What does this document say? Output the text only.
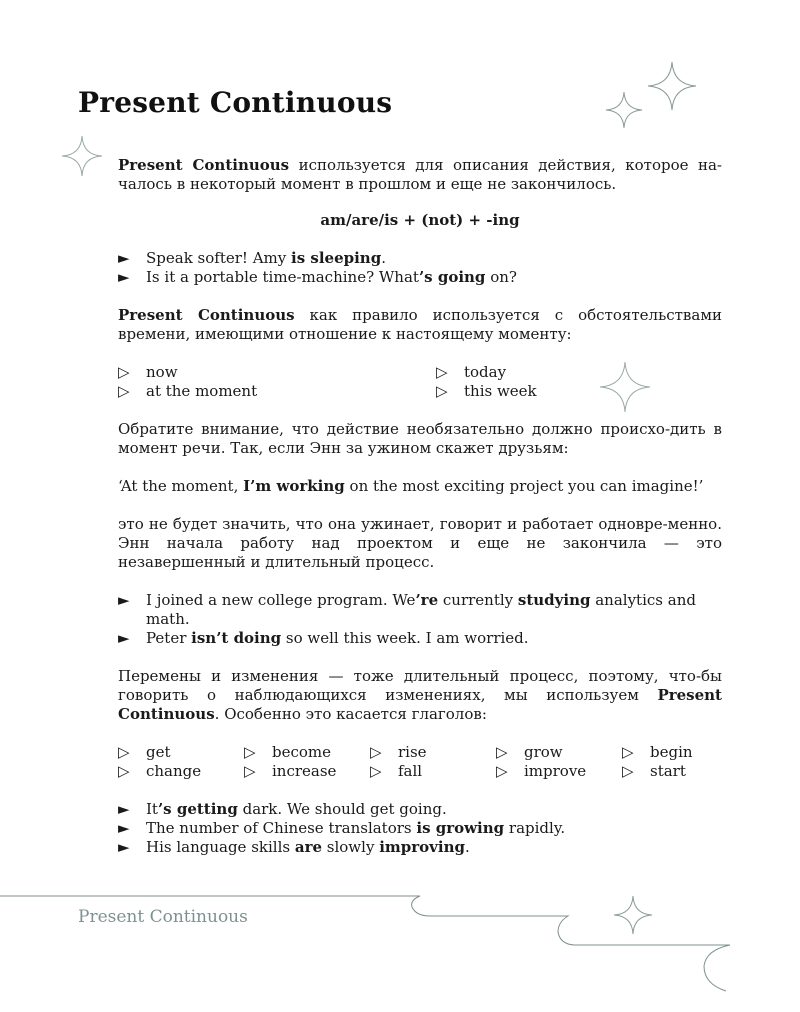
Present Continuous

Present Continuous используется для описания действия, которое на-чалось в некоторый момент в прошлом и еще не закончилось.

am/are/is + (not) + -ing

► Speak softer! Amy is sleeping.
► Is it a portable time-machine? What’s going on?

Present Continuous как правило используется с обстоятельствами времени, имеющими отношение к настоящему моменту:

▷ now	▷ today
▷ at the moment	▷ this week

Обратите внимание, что действие необязательно должно происхо-дить в момент речи. Так, если Энн за ужином скажет друзьям:

‘At the moment, I’m working on the most exciting project you can imagine!’

это не будет значить, что она ужинает, говорит и работает одновре-менно. Энн начала работу над проектом и еще не закончила — это незавершенный и длительный процесс.

► I joined a new college program. We’re currently studying analytics and math.
► Peter isn’t doing so well this week. I am worried.

Перемены и изменения — тоже длительный процесс, поэтому, что-бы говорить о наблюдающихся изменениях, мы используем Present Continuous. Особенно это касается глаголов:

▷ get	▷ become	▷ rise	▷ grow	▷ begin
▷ change	▷ increase	▷ fall	▷ improve	▷ start
► It’s getting dark. We should get going.
► The number of Chinese translators is growing rapidly.
► His language skills are slowly improving.
Present Continuous
